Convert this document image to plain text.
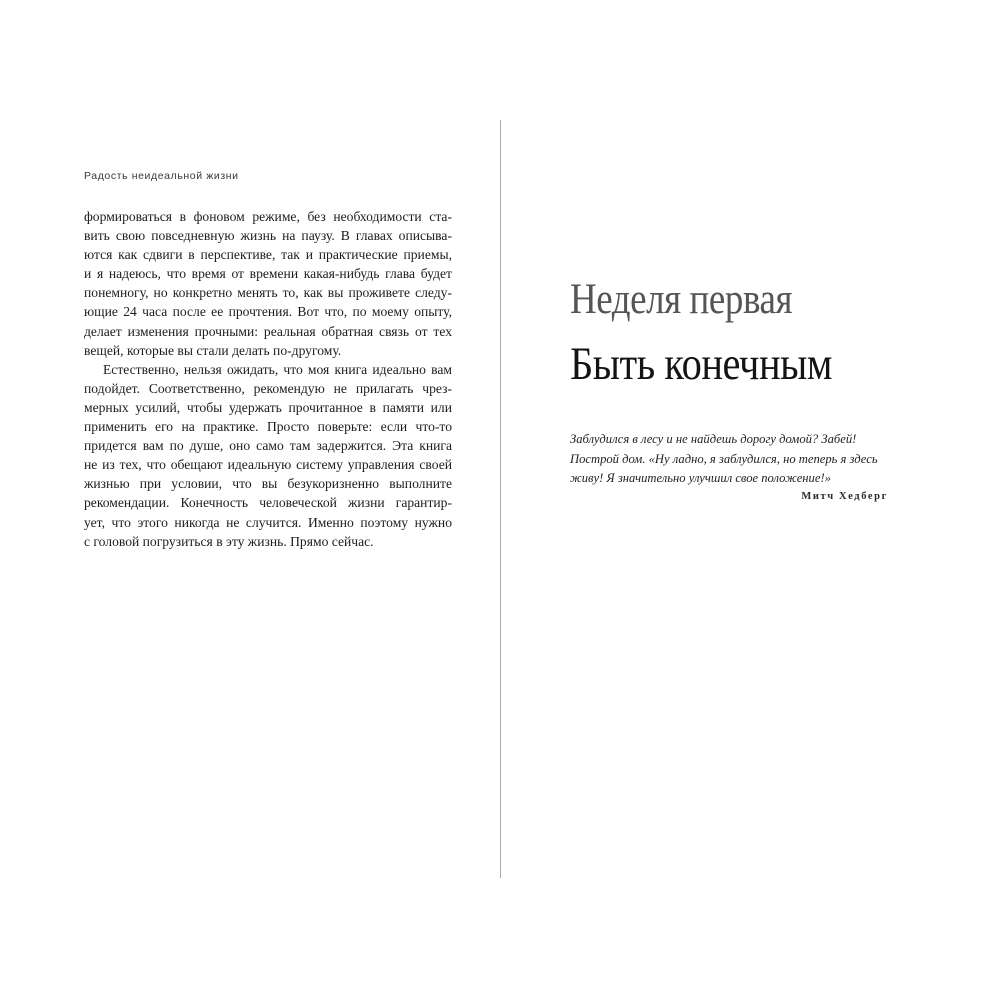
Радость неидеальной жизни
формироваться в фоновом режиме, без необходимости ста-
вить свою повседневную жизнь на паузу. В главах описыва-
ются как сдвиги в перспективе, так и практические приемы,
и я надеюсь, что время от времени какая-нибудь глава будет
понемногу, но конкретно менять то, как вы проживете следу-
ющие 24 часа после ее прочтения. Вот что, по моему опыту,
делает изменения прочными: реальная обратная связь от тех
вещей, которые вы стали делать по-другому.
Естественно, нельзя ожидать, что моя книга идеально вам
подойдет. Соответственно, рекомендую не прилагать чрез-
мерных усилий, чтобы удержать прочитанное в памяти или
применить его на практике. Просто поверьте: если что-то
придется вам по душе, оно само там задержится. Эта книга
не из тех, что обещают идеальную систему управления своей
жизнью при условии, что вы безукоризненно выполните
рекомендации. Конечность человеческой жизни гарантир-
ует, что этого никогда не случится. Именно поэтому нужно
с головой погрузиться в эту жизнь. Прямо сейчас.
Неделя первая
Быть конечным
Заблудился в лесу и не найдешь дорогу домой? Забей!
Построй дом. «Ну ладно, я заблудился, но теперь я здесь
живу! Я значительно улучшил свое положение!»
Митч Хедберг
